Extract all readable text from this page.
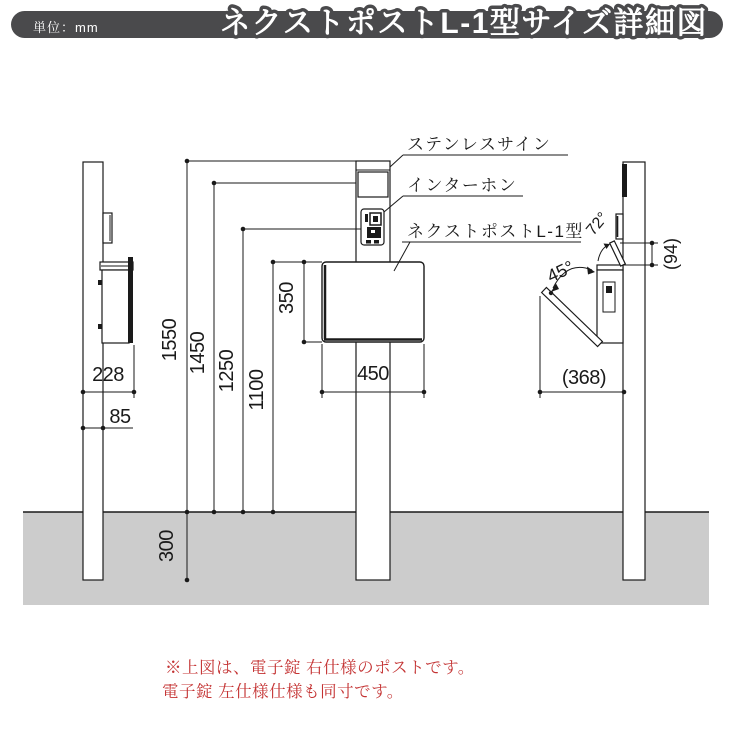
228
85
ステンレスサイン
インターホン
ネクストポストL-1型
1550 1450 1250 1100
300
350
450
45°
72°
(94)
(368)
単位：mm	ネクストポストL-1型サイズ詳細図
※上図は、電子錠 右仕様のポストです。
電子錠 左仕様仕様も同寸です。
